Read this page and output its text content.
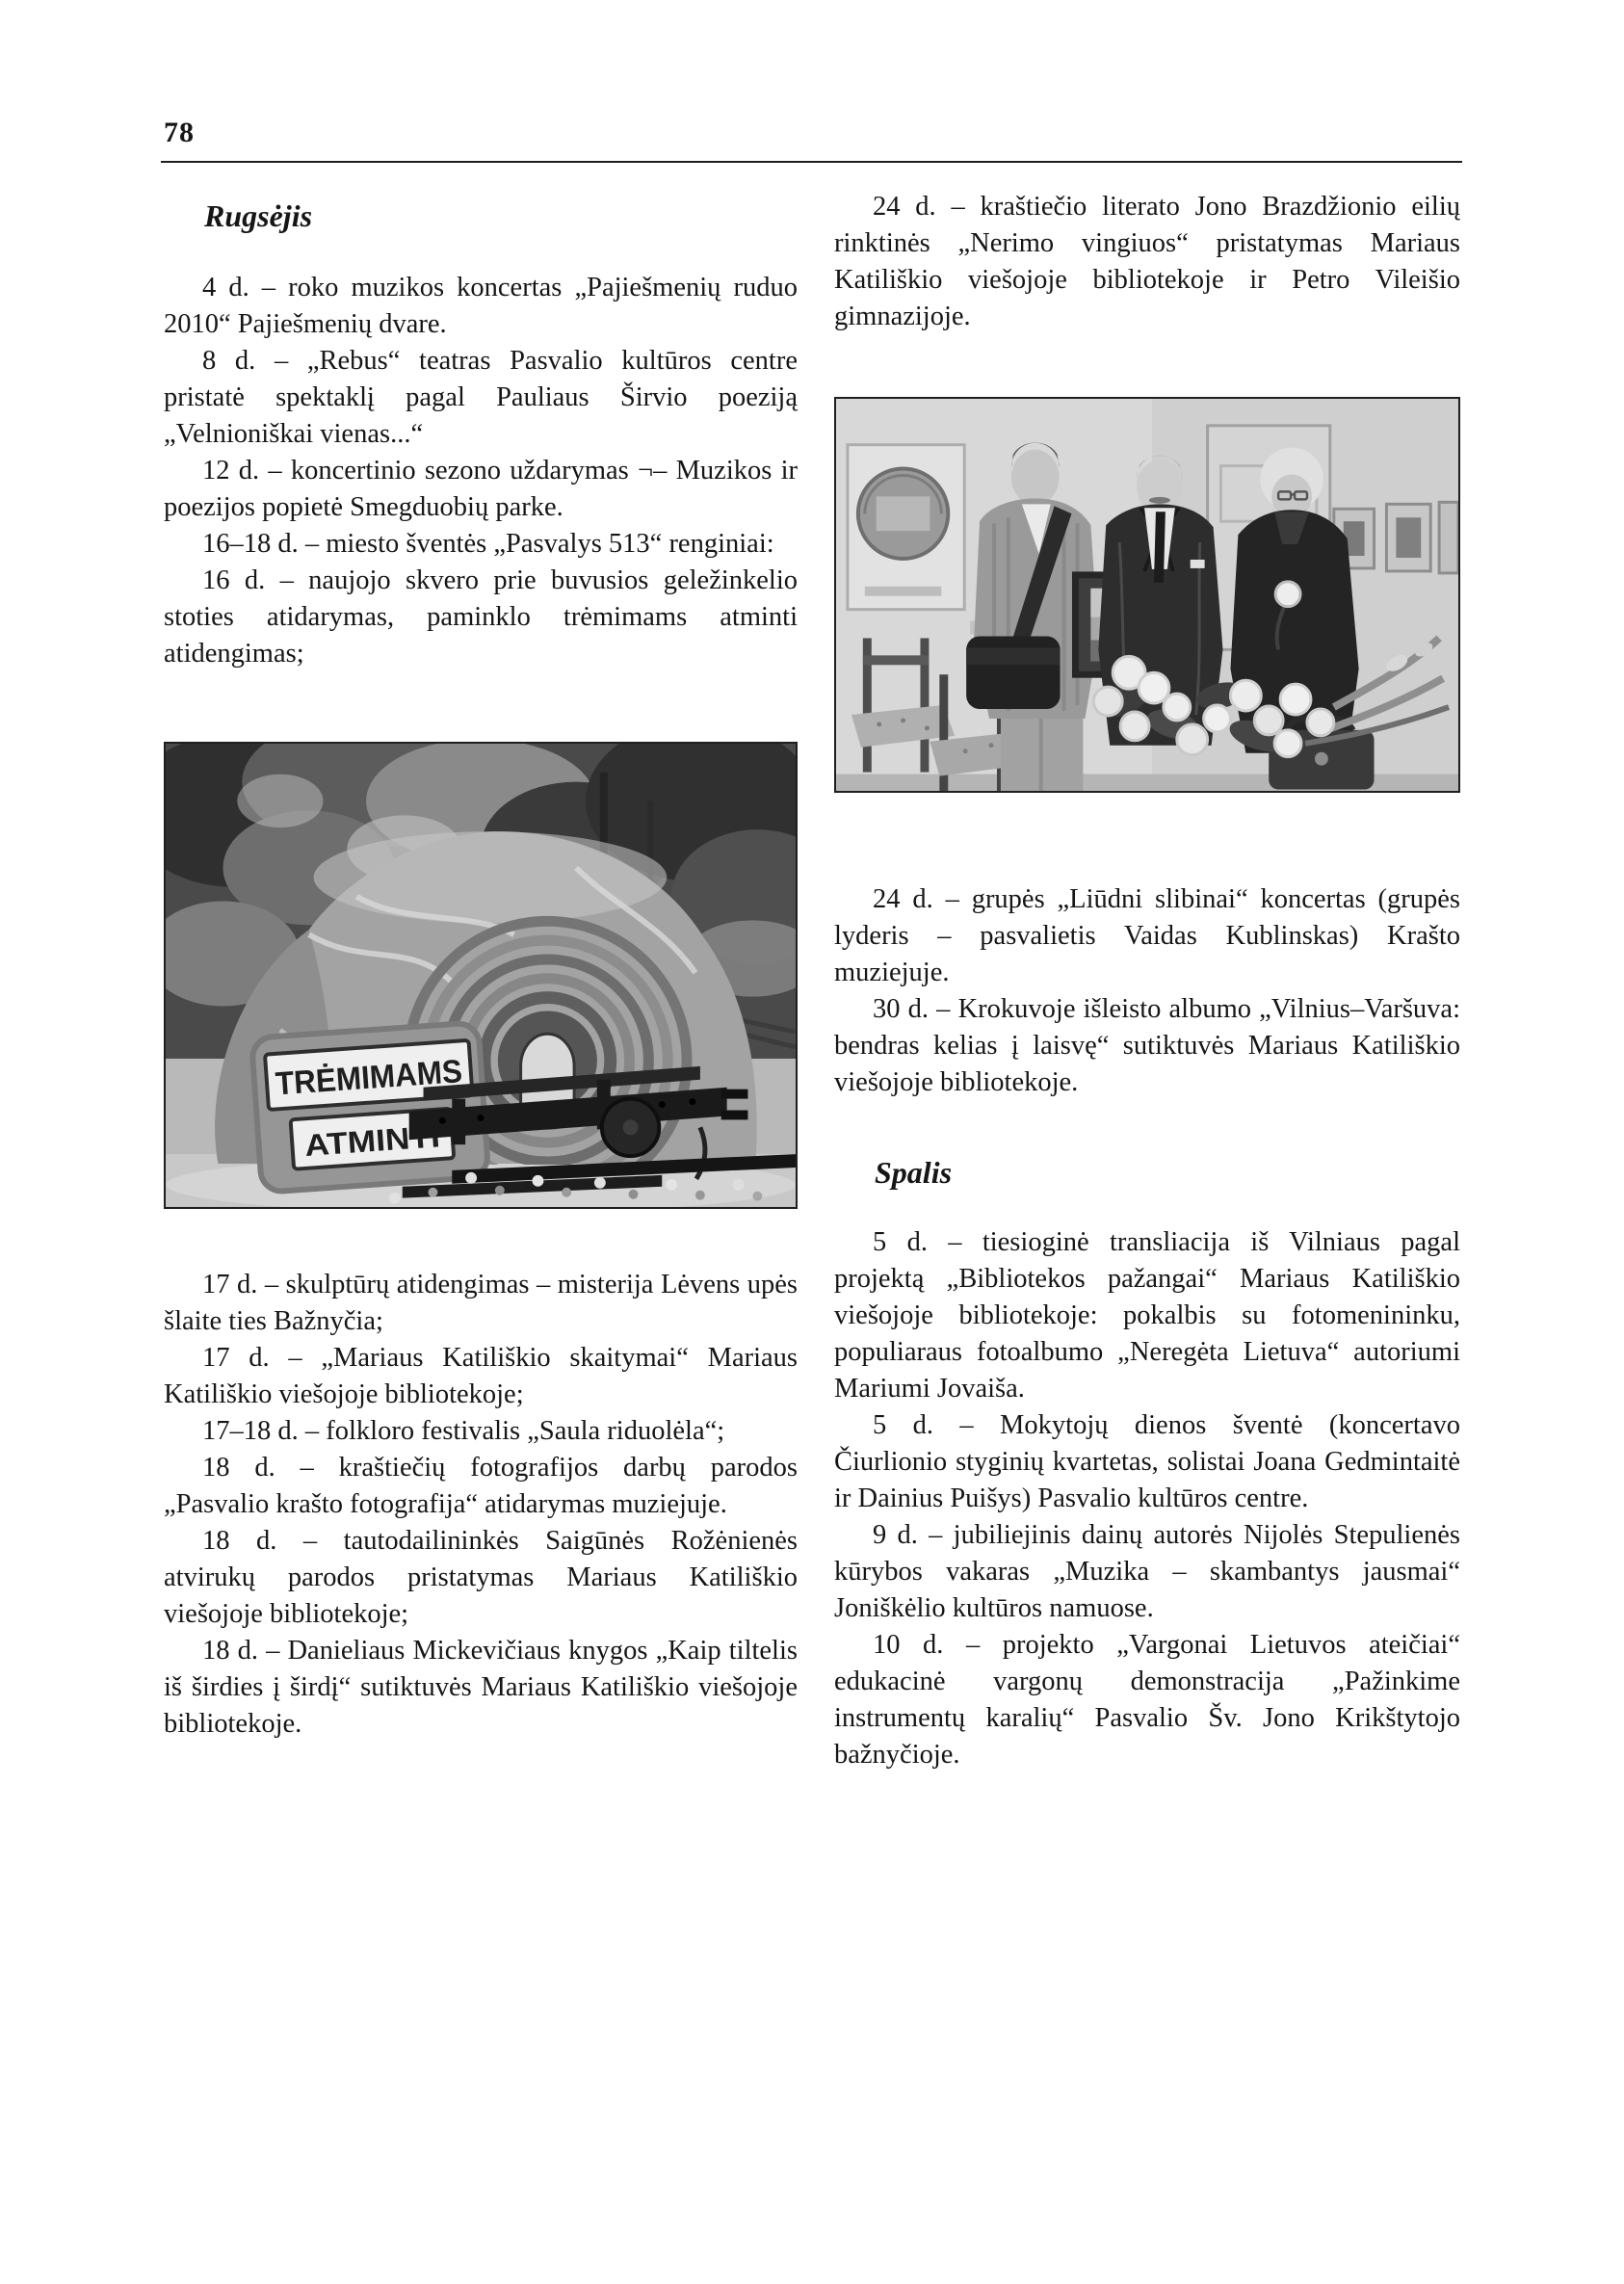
78
Rugsėjis

4 d. – roko muzikos koncertas „Pajiešmenių ruduo 2010“ Pajiešmenių dvare.

8 d. – „Rebus“ teatras Pasvalio kultūros centre pristatė spektaklį pagal Pauliaus Širvio poeziją „Velnioniškai vienas...“

12 d. – koncertinio sezono uždarymas ¬– Muzikos ir poezijos popietė Smegduobių parke.

16–18 d. – miesto šventės „Pasvalys 513“ renginiai:

16 d. – naujojo skvero prie buvusios geležinkelio stoties atidarymas, paminklo trėmimams atminti atidengimas;

TRĖMIMAMS
ATMINTI

17 d. – skulptūrų atidengimas – misterija Lėvens upės šlaite ties Bažnyčia;

17 d. – „Mariaus Katiliškio skaitymai“ Mariaus Katiliškio viešojoje bibliotekoje;

17–18 d. – folkloro festivalis „Saula riduolėla“;

18 d. – kraštiečių fotografijos darbų parodos „Pasvalio krašto fotografija“ atidarymas muziejuje.

18 d. – tautodailininkės Saigūnės Rožėnienės atvirukų parodos pristatymas Mariaus Katiliškio viešojoje bibliotekoje;

18 d. – Danieliaus Mickevičiaus knygos „Kaip tiltelis iš širdies į širdį“ sutiktuvės Mariaus Katiliškio viešojoje bibliotekoje.

24 d. – kraštiečio literato Jono Brazdžionio eilių rinktinės „Nerimo vingiuos“ pristatymas Mariaus Katiliškio viešojoje bibliotekoje ir Petro Vileišio gimnazijoje.

24 d. – grupės „Liūdni slibinai“ koncertas (grupės lyderis – pasvalietis Vaidas Kublinskas) Krašto muziejuje.

30 d. – Krokuvoje išleisto albumo „Vilnius–Varšuva: bendras kelias į laisvę“ sutiktuvės Mariaus Katiliškio viešojoje bibliotekoje.

Spalis

5 d. – tiesioginė transliacija iš Vilniaus pagal projektą „Bibliotekos pažangai“ Mariaus Katiliškio viešojoje bibliotekoje: pokalbis su fotomenininku, populiaraus fotoalbumo „Neregėta Lietuva“ autoriumi Mariumi Jovaiša.

5 d. – Mokytojų dienos šventė (koncertavo Čiurlionio styginių kvartetas, solistai Joana Gedmintaitė ir Dainius Puišys) Pasvalio kultūros centre.

9 d. – jubiliejinis dainų autorės Nijolės Stepulienės kūrybos vakaras „Muzika – skambantys jausmai“ Joniškėlio kultūros namuose.

10 d. – projekto „Vargonai Lietuvos ateičiai“ edukacinė vargonų demonstracija „Pažinkime instrumentų karalių“ Pasvalio Šv. Jono Krikštytojo bažnyčioje.
